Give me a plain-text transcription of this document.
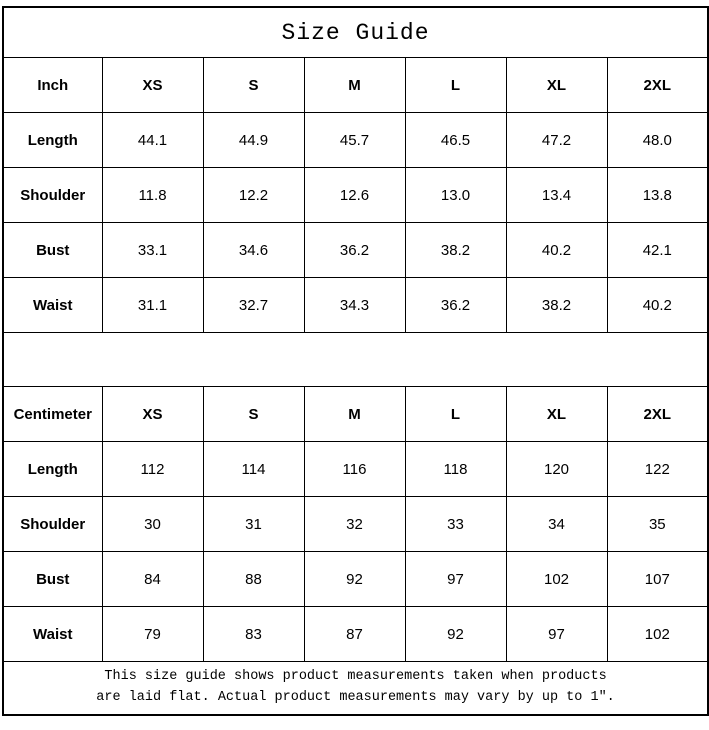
Size Guide						
Inch	XS	S	M	L	XL	2XL
Length	44.1	44.9	45.7	46.5	47.2	48.0
Shoulder	11.8	12.2	12.6	13.0	13.4	13.8
Bust	33.1	34.6	36.2	38.2	40.2	42.1
Waist	31.1	32.7	34.3	36.2	38.2	40.2

Centimeter	XS	S	M	L	XL	2XL
Length	112	114	116	118	120	122
Shoulder	30	31	32	33	34	35
Bust	84	88	92	97	102	107
Waist	79	83	87	92	97	102

This size guide shows product measurements taken when products
are laid flat. Actual product measurements may vary by up to 1″.						
